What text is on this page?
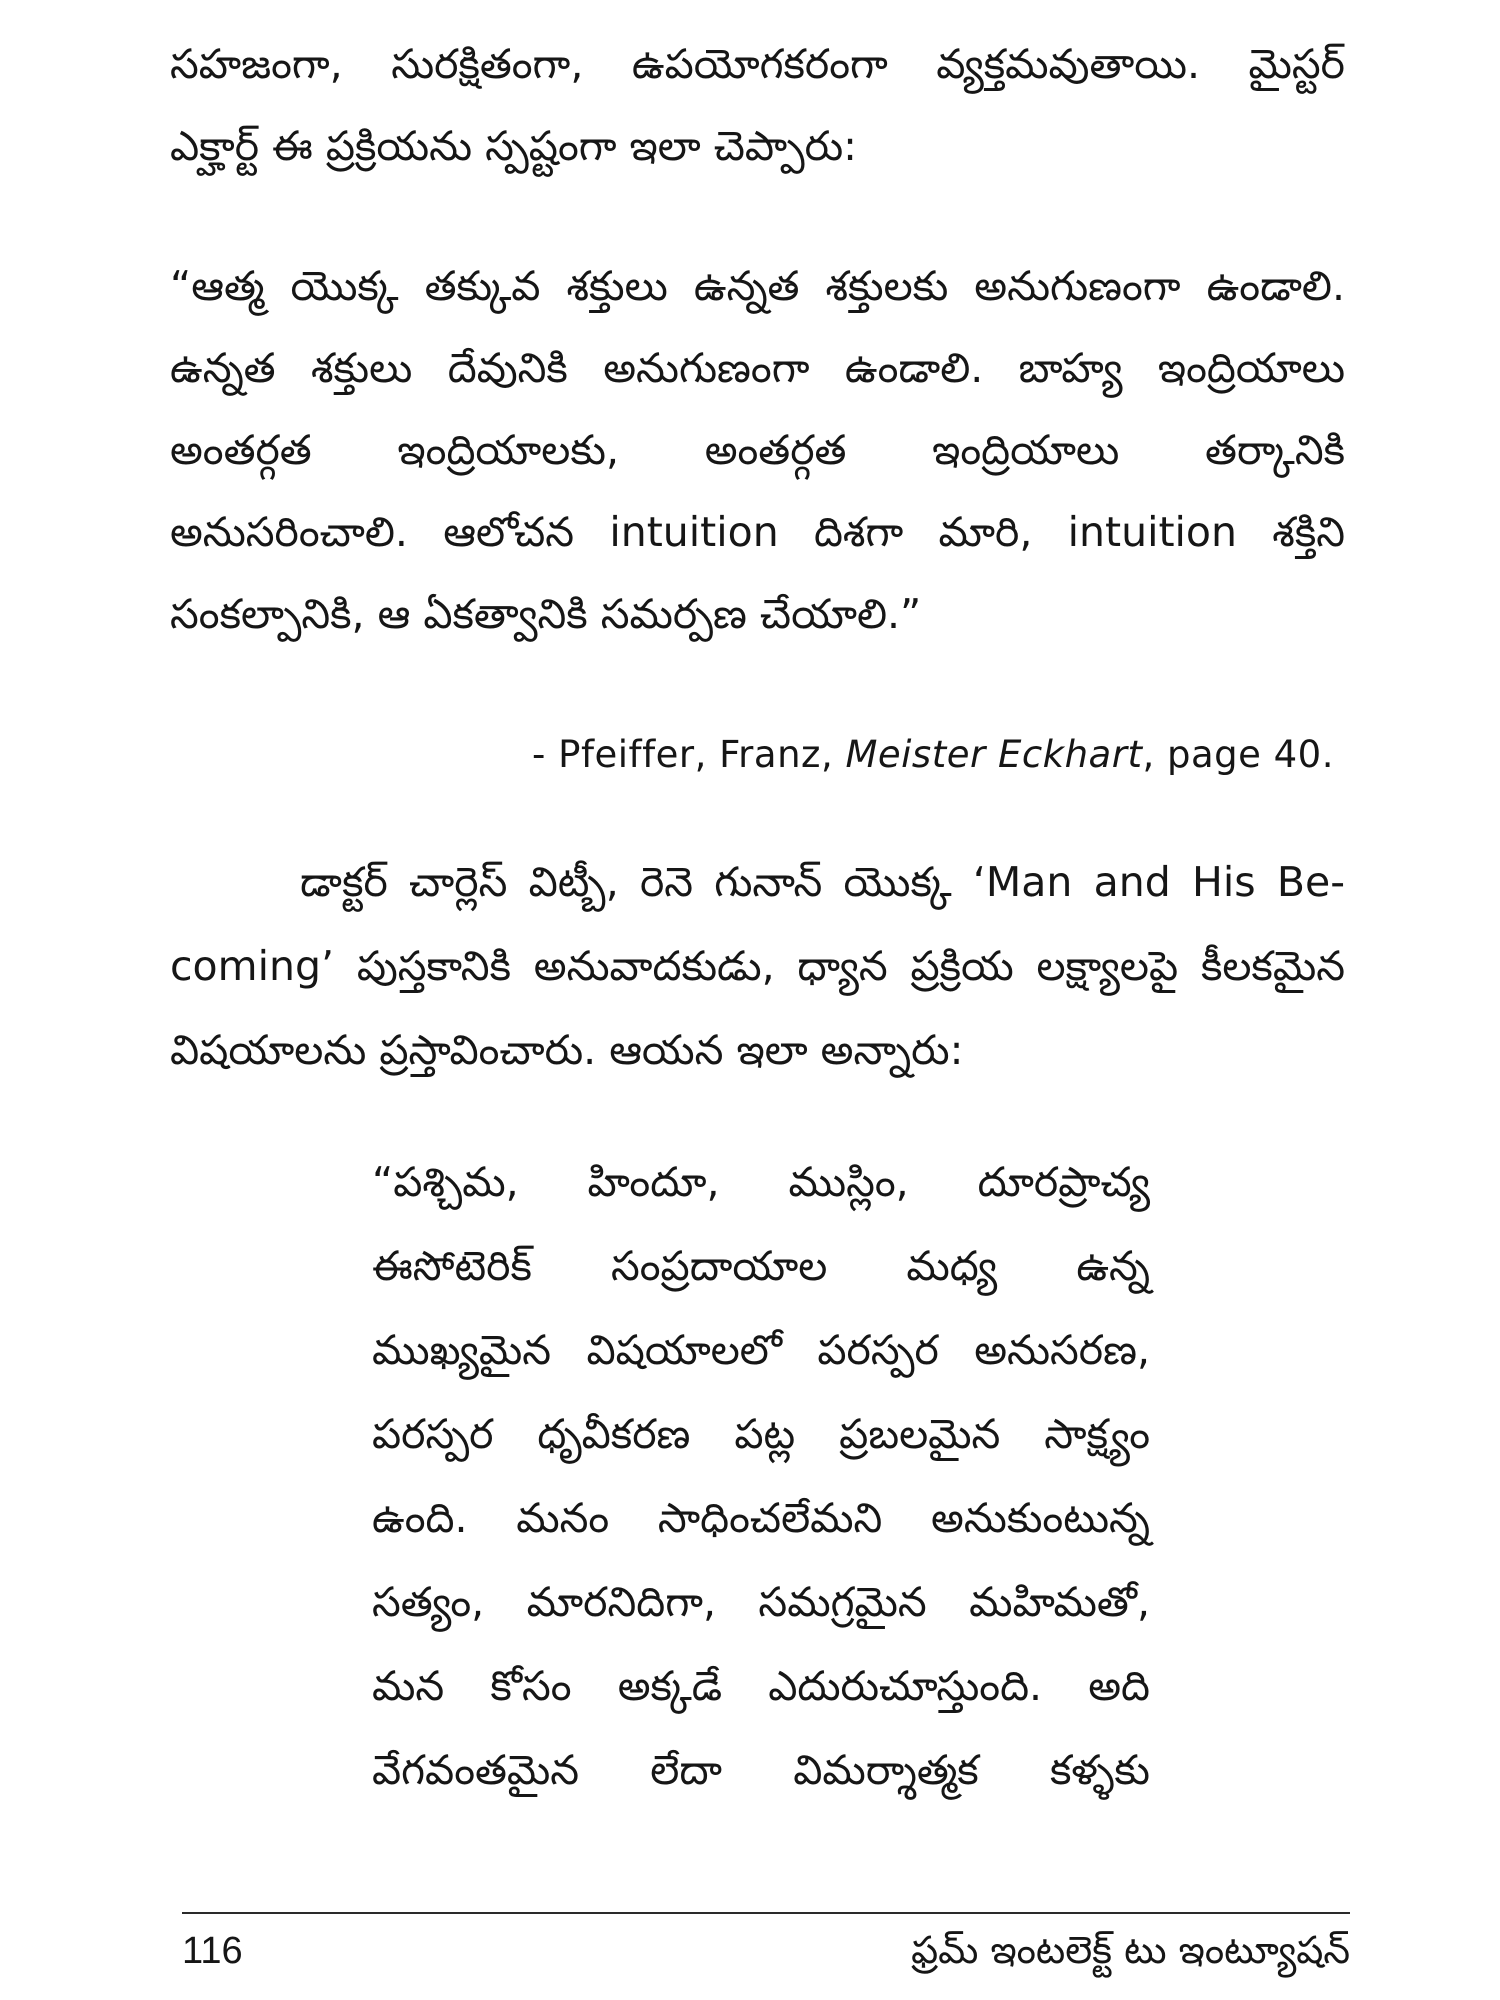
సహజంగా, సురక్షితంగా, ఉపయోగకరంగా వ్యక్తమవుతాయి. మైస్టర్
ఎక్హార్ట్ ఈ ప్రక్రియను స్పష్టంగా ఇలా చెప్పారు:
“ఆత్మ యొక్క తక్కువ శక్తులు ఉన్నత శక్తులకు అనుగుణంగా ఉండాలి.
ఉన్నత శక్తులు దేవునికి అనుగుణంగా ఉండాలి. బాహ్య ఇంద్రియాలు
అంతర్గత ఇంద్రియాలకు, అంతర్గత ఇంద్రియాలు తర్కానికి
అనుసరించాలి. ఆలోచన intuition దిశగా మారి, intuition శక్తిని
సంకల్పానికి, ఆ ఏకత్వానికి సమర్పణ చేయాలి.”
- Pfeiffer, Franz, Meister Eckhart, page 40.
డాక్టర్ చార్లెస్ విట్బీ, రెనె గునాన్ యొక్క ‘Man and His Be-
coming’ పుస్తకానికి అనువాదకుడు, ధ్యాన ప్రక్రియ లక్ష్యాలపై కీలకమైన
విషయాలను ప్రస్తావించారు. ఆయన ఇలా అన్నారు:
“పశ్చిమ, హిందూ, ముస్లిం, దూరప్రాచ్య
ఈసోటెరిక్ సంప్రదాయాల మధ్య ఉన్న
ముఖ్యమైన విషయాలలో పరస్పర అనుసరణ,
పరస్పర ధృవీకరణ పట్ల ప్రబలమైన సాక్ష్యం
ఉంది. మనం సాధించలేమని అనుకుంటున్న
సత్యం, మారనిదిగా, సమగ్రమైన మహిమతో,
మన కోసం అక్కడే ఎదురుచూస్తుంది. అది
వేగవంతమైన లేదా విమర్శాత్మక కళ్ళకు
116	ఫ్రమ్ ఇంటలెక్ట్ టు ఇంట్యూషన్
